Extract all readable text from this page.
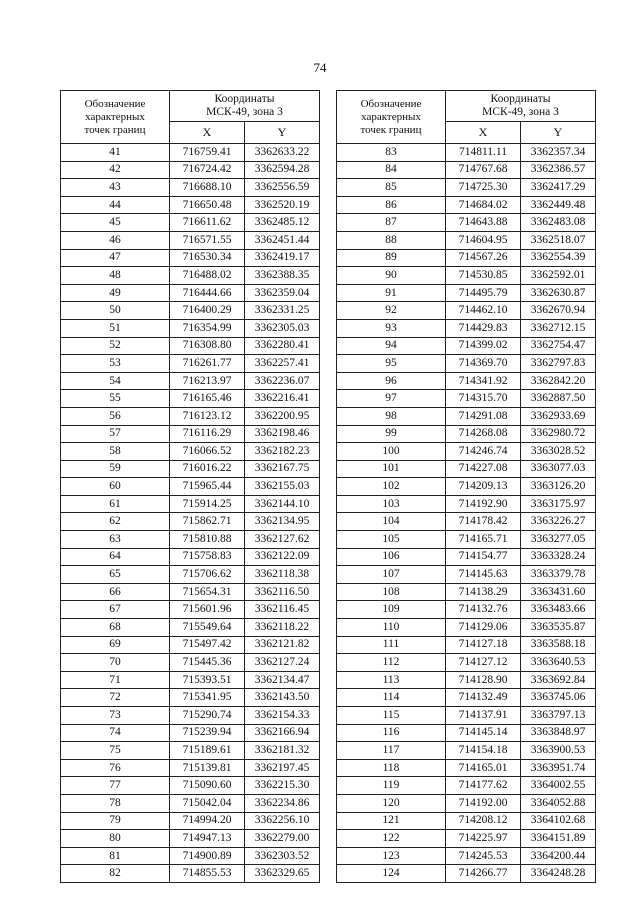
74
Обозначение
характерных
точек границ	Координаты
МСК-49, зона 3	
	X	Y
41	716759.41	3362633.22
42	716724.42	3362594.28
43	716688.10	3362556.59
44	716650.48	3362520.19
45	716611.62	3362485.12
46	716571.55	3362451.44
47	716530.34	3362419.17
48	716488.02	3362388.35
49	716444.66	3362359.04
50	716400.29	3362331.25
51	716354.99	3362305.03
52	716308.80	3362280.41
53	716261.77	3362257.41
54	716213.97	3362236.07
55	716165.46	3362216.41
56	716123.12	3362200.95
57	716116.29	3362198.46
58	716066.52	3362182.23
59	716016.22	3362167.75
60	715965.44	3362155.03
61	715914.25	3362144.10
62	715862.71	3362134.95
63	715810.88	3362127.62
64	715758.83	3362122.09
65	715706.62	3362118.38
66	715654.31	3362116.50
67	715601.96	3362116.45
68	715549.64	3362118.22
69	715497.42	3362121.82
70	715445.36	3362127.24
71	715393.51	3362134.47
72	715341.95	3362143.50
73	715290.74	3362154.33
74	715239.94	3362166.94
75	715189.61	3362181.32
76	715139.81	3362197.45
77	715090.60	3362215.30
78	715042.04	3362234.86
79	714994.20	3362256.10
80	714947.13	3362279.00
81	714900.89	3362303.52
82	714855.53	3362329.65
Обозначение
характерных
точек границ	Координаты
МСК-49, зона 3	
	X	Y
83	714811.11	3362357.34
84	714767.68	3362386.57
85	714725.30	3362417.29
86	714684.02	3362449.48
87	714643.88	3362483.08
88	714604.95	3362518.07
89	714567.26	3362554.39
90	714530.85	3362592.01
91	714495.79	3362630.87
92	714462.10	3362670.94
93	714429.83	3362712.15
94	714399.02	3362754.47
95	714369.70	3362797.83
96	714341.92	3362842.20
97	714315.70	3362887.50
98	714291.08	3362933.69
99	714268.08	3362980.72
100	714246.74	3363028.52
101	714227.08	3363077.03
102	714209.13	3363126.20
103	714192.90	3363175.97
104	714178.42	3363226.27
105	714165.71	3363277.05
106	714154.77	3363328.24
107	714145.63	3363379.78
108	714138.29	3363431.60
109	714132.76	3363483.66
110	714129.06	3363535.87
111	714127.18	3363588.18
112	714127.12	3363640.53
113	714128.90	3363692.84
114	714132.49	3363745.06
115	714137.91	3363797.13
116	714145.14	3363848.97
117	714154.18	3363900.53
118	714165.01	3363951.74
119	714177.62	3364002.55
120	714192.00	3364052.88
121	714208.12	3364102.68
122	714225.97	3364151.89
123	714245.53	3364200.44
124	714266.77	3364248.28
